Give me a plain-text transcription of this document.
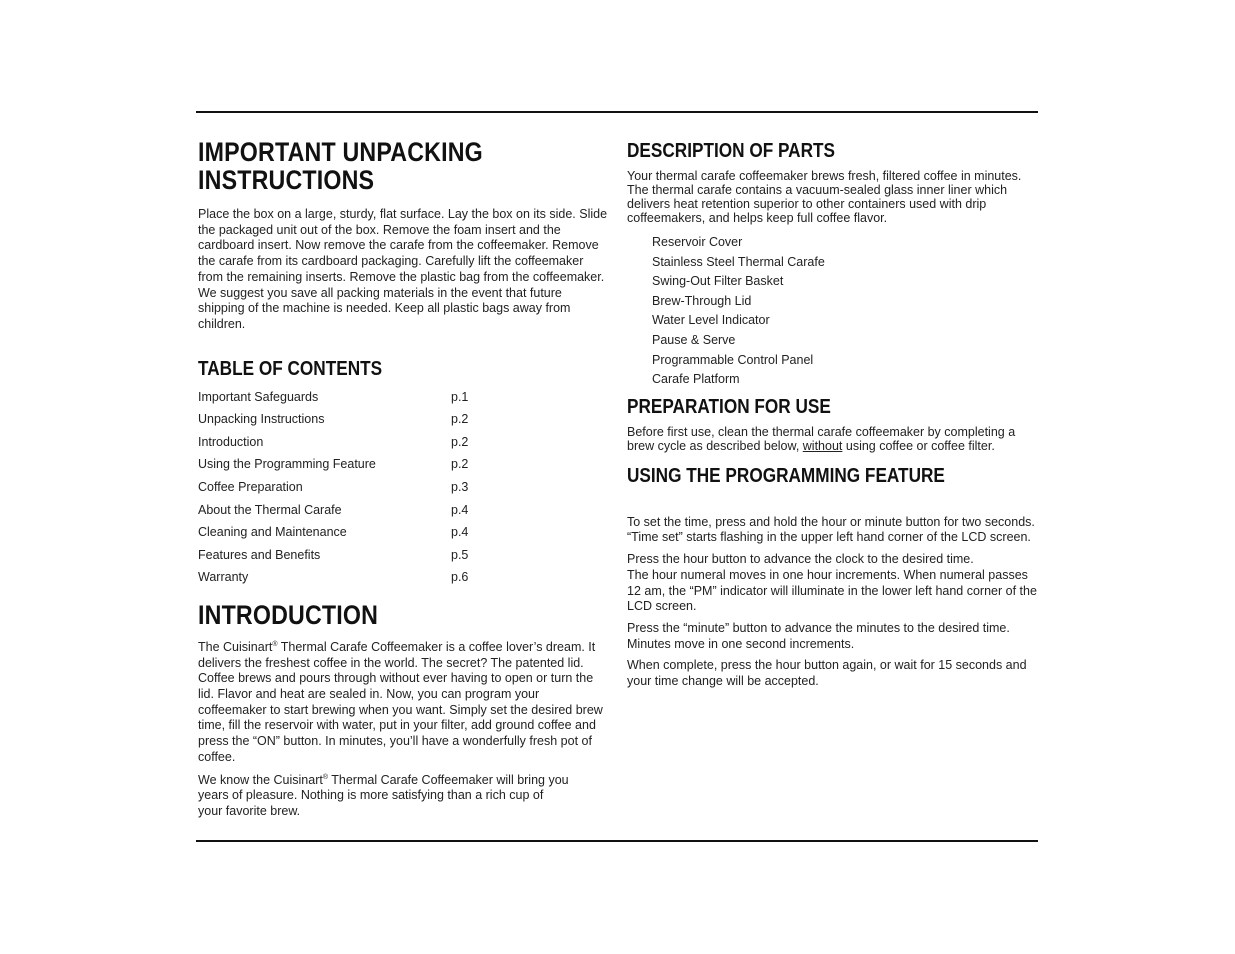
IMPORTANT UNPACKING
INSTRUCTIONS

Place the box on a large, sturdy, flat surface. Lay the box on its side. Slide the packaged unit out of the box. Remove the foam insert and the cardboard insert. Now remove the carafe from the coffeemaker. Remove the carafe from its cardboard packaging. Carefully lift the coffeemaker from the remaining inserts. Remove the plastic bag from the coffeemaker. We suggest you save all packing materials in the event that future shipping of the machine is needed. Keep all plastic bags away from children.

TABLE OF CONTENTS
Important Safeguards	p.1
Unpacking Instructions	p.2
Introduction	p.2
Using the Programming Feature	p.2
Coffee Preparation	p.3
About the Thermal Carafe	p.4
Cleaning and Maintenance	p.4
Features and Benefits	p.5
Warranty	p.6
INTRODUCTION

The Cuisinart® Thermal Carafe Coffeemaker is a coffee lover’s dream. It delivers the freshest coffee in the world. The secret? The patented lid. Coffee brews and pours through without ever having to open or turn the lid. Flavor and heat are sealed in. Now, you can program your coffeemaker to start brewing when you want. Simply set the desired brew time, fill the reservoir with water, put in your filter, add ground coffee and press the “ON” button. In minutes, you’ll have a wonderfully fresh pot of coffee.

We know the Cuisinart® Thermal Carafe Coffeemaker will bring you
years of pleasure. Nothing is more satisfying than a rich cup of
your favorite brew.

DESCRIPTION OF PARTS

Your thermal carafe coffeemaker brews fresh, filtered coffee in minutes. The thermal carafe contains a vacuum-sealed glass inner liner which delivers heat retention superior to other containers used with drip coffeemakers, and helps keep full coffee flavor.

Reservoir Cover
Stainless Steel Thermal Carafe
Swing-Out Filter Basket
Brew-Through Lid
Water Level Indicator
Pause & Serve
Programmable Control Panel
Carafe Platform
PREPARATION FOR USE

Before first use, clean the thermal carafe coffeemaker by completing a brew cycle as described below, without using coffee or coffee filter.

USING THE PROGRAMMING FEATURE

To set the time, press and hold the hour or minute button for two seconds. “Time set” starts flashing in the upper left hand corner of the LCD screen.

Press the hour button to advance the clock to the desired time.
The hour numeral moves in one hour increments. When numeral passes 12 am, the “PM” indicator will illuminate in the lower left hand corner of the
LCD screen.

Press the “minute” button to advance the minutes to the desired time. Minutes move in one second increments.

When complete, press the hour button again, or wait for 15 seconds and your time change will be accepted.
